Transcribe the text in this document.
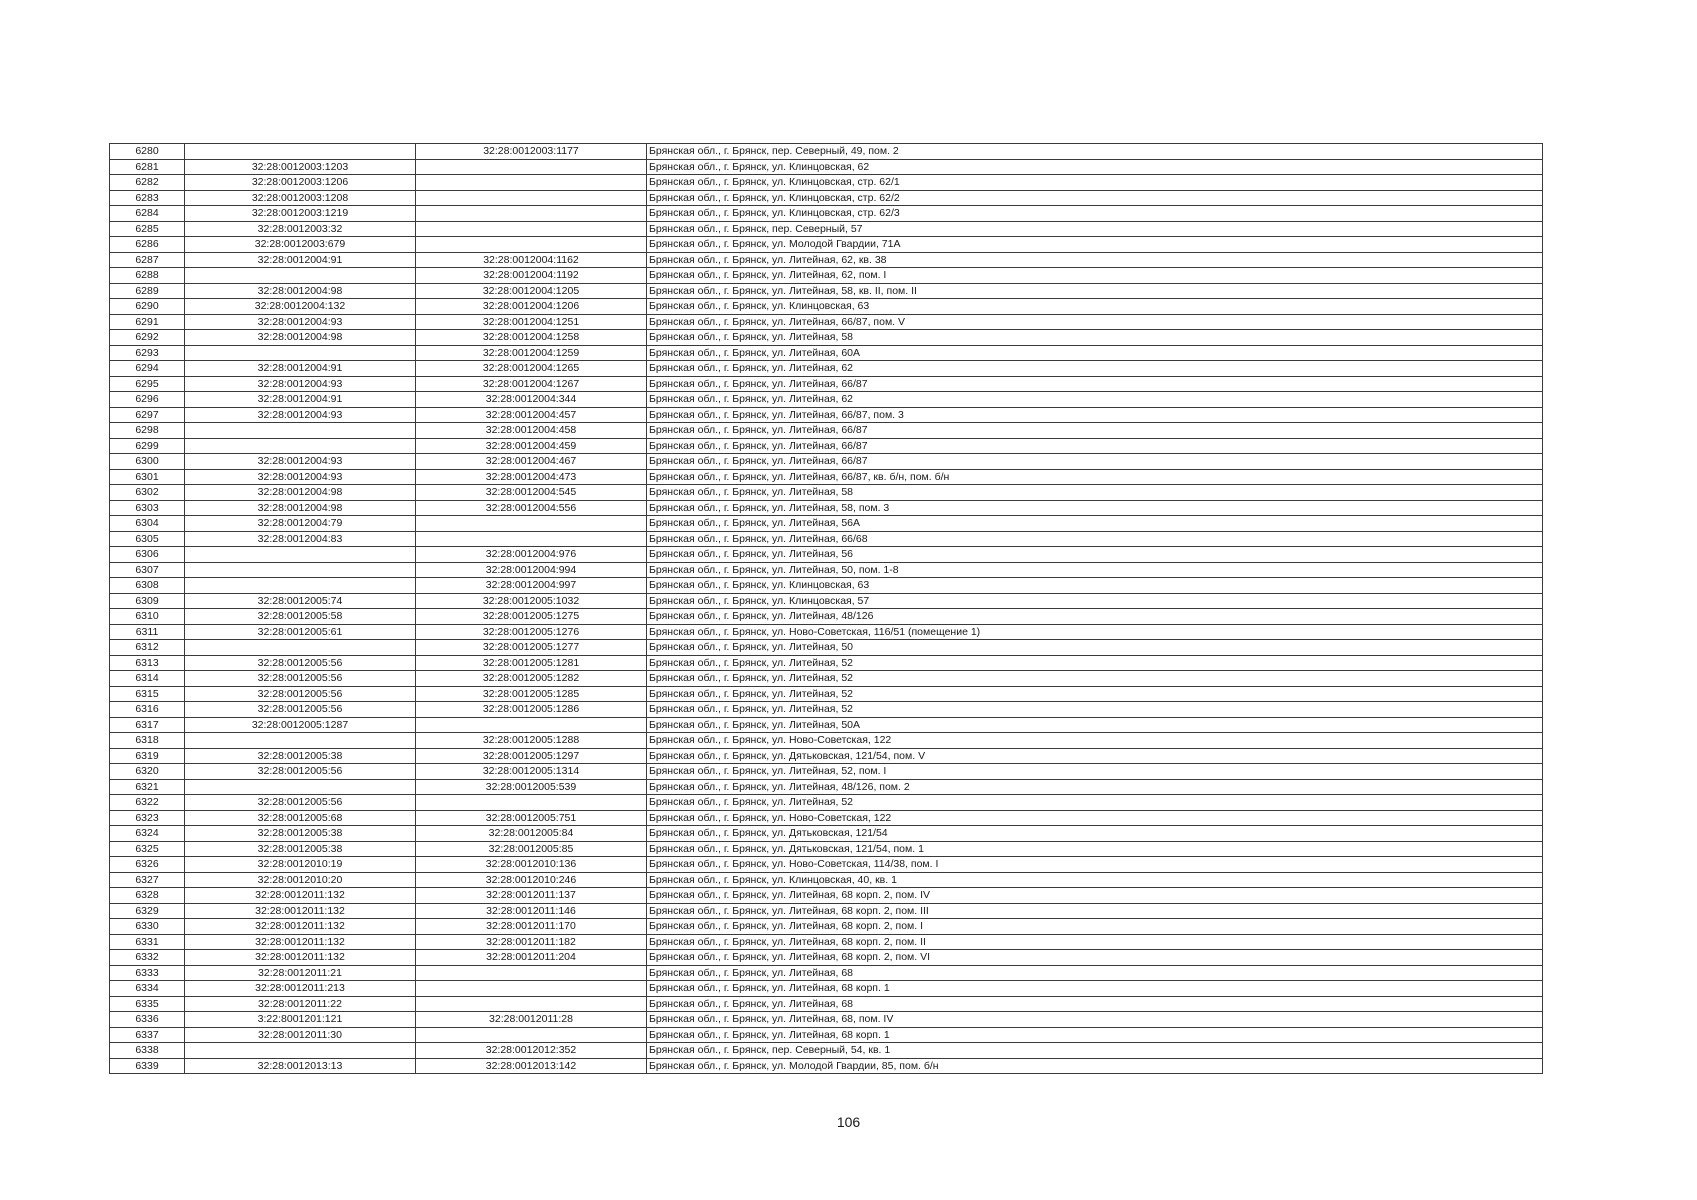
6280		32:28:0012003:1177	Брянская обл., г. Брянск, пер. Северный, 49, пом. 2
6281	32:28:0012003:1203		Брянская обл., г. Брянск, ул. Клинцовская, 62
6282	32:28:0012003:1206		Брянская обл., г. Брянск, ул. Клинцовская, стр. 62/1
6283	32:28:0012003:1208		Брянская обл., г. Брянск, ул. Клинцовская, стр. 62/2
6284	32:28:0012003:1219		Брянская обл., г. Брянск, ул. Клинцовская, стр. 62/3
6285	32:28:0012003:32		Брянская обл., г. Брянск, пер. Северный, 57
6286	32:28:0012003:679		Брянская обл., г. Брянск, ул. Молодой Гвардии, 71А
6287	32:28:0012004:91	32:28:0012004:1162	Брянская обл., г. Брянск, ул. Литейная, 62, кв. 38
6288		32:28:0012004:1192	Брянская обл., г. Брянск, ул. Литейная, 62, пом. I
6289	32:28:0012004:98	32:28:0012004:1205	Брянская обл., г. Брянск, ул. Литейная, 58, кв. II, пом. II
6290	32:28:0012004:132	32:28:0012004:1206	Брянская обл., г. Брянск, ул. Клинцовская, 63
6291	32:28:0012004:93	32:28:0012004:1251	Брянская обл., г. Брянск, ул. Литейная, 66/87, пом. V
6292	32:28:0012004:98	32:28:0012004:1258	Брянская обл., г. Брянск, ул. Литейная, 58
6293		32:28:0012004:1259	Брянская обл., г. Брянск, ул. Литейная, 60А
6294	32:28:0012004:91	32:28:0012004:1265	Брянская обл., г. Брянск, ул. Литейная, 62
6295	32:28:0012004:93	32:28:0012004:1267	Брянская обл., г. Брянск, ул. Литейная, 66/87
6296	32:28:0012004:91	32:28:0012004:344	Брянская обл., г. Брянск, ул. Литейная, 62
6297	32:28:0012004:93	32:28:0012004:457	Брянская обл., г. Брянск, ул. Литейная, 66/87, пом. 3
6298		32:28:0012004:458	Брянская обл., г. Брянск, ул. Литейная, 66/87
6299		32:28:0012004:459	Брянская обл., г. Брянск, ул. Литейная, 66/87
6300	32:28:0012004:93	32:28:0012004:467	Брянская обл., г. Брянск, ул. Литейная, 66/87
6301	32:28:0012004:93	32:28:0012004:473	Брянская обл., г. Брянск, ул. Литейная, 66/87, кв. б/н, пом. б/н
6302	32:28:0012004:98	32:28:0012004:545	Брянская обл., г. Брянск, ул. Литейная, 58
6303	32:28:0012004:98	32:28:0012004:556	Брянская обл., г. Брянск, ул. Литейная, 58, пом. 3
6304	32:28:0012004:79		Брянская обл., г. Брянск, ул. Литейная, 56А
6305	32:28:0012004:83		Брянская обл., г. Брянск, ул. Литейная, 66/68
6306		32:28:0012004:976	Брянская обл., г. Брянск, ул. Литейная, 56
6307		32:28:0012004:994	Брянская обл., г. Брянск, ул. Литейная, 50, пом. 1-8
6308		32:28:0012004:997	Брянская обл., г. Брянск, ул. Клинцовская, 63
6309	32:28:0012005:74	32:28:0012005:1032	Брянская обл., г. Брянск, ул. Клинцовская, 57
6310	32:28:0012005:58	32:28:0012005:1275	Брянская обл., г. Брянск, ул. Литейная, 48/126
6311	32:28:0012005:61	32:28:0012005:1276	Брянская обл., г. Брянск, ул. Ново-Советская, 116/51 (помещение 1)
6312		32:28:0012005:1277	Брянская обл., г. Брянск, ул. Литейная, 50
6313	32:28:0012005:56	32:28:0012005:1281	Брянская обл., г. Брянск, ул. Литейная, 52
6314	32:28:0012005:56	32:28:0012005:1282	Брянская обл., г. Брянск, ул. Литейная, 52
6315	32:28:0012005:56	32:28:0012005:1285	Брянская обл., г. Брянск, ул. Литейная, 52
6316	32:28:0012005:56	32:28:0012005:1286	Брянская обл., г. Брянск, ул. Литейная, 52
6317	32:28:0012005:1287		Брянская обл., г. Брянск, ул. Литейная, 50А
6318		32:28:0012005:1288	Брянская обл., г. Брянск, ул. Ново-Советская, 122
6319	32:28:0012005:38	32:28:0012005:1297	Брянская обл., г. Брянск, ул. Дятьковская, 121/54, пом. V
6320	32:28:0012005:56	32:28:0012005:1314	Брянская обл., г. Брянск, ул. Литейная, 52, пом. I
6321		32:28:0012005:539	Брянская обл., г. Брянск, ул. Литейная, 48/126, пом. 2
6322	32:28:0012005:56		Брянская обл., г. Брянск, ул. Литейная, 52
6323	32:28:0012005:68	32:28:0012005:751	Брянская обл., г. Брянск, ул. Ново-Советская, 122
6324	32:28:0012005:38	32:28:0012005:84	Брянская обл., г. Брянск, ул. Дятьковская, 121/54
6325	32:28:0012005:38	32:28:0012005:85	Брянская обл., г. Брянск, ул. Дятьковская, 121/54, пом. 1
6326	32:28:0012010:19	32:28:0012010:136	Брянская обл., г. Брянск, ул. Ново-Советская, 114/38, пом. I
6327	32:28:0012010:20	32:28:0012010:246	Брянская обл., г. Брянск, ул. Клинцовская, 40, кв. 1
6328	32:28:0012011:132	32:28:0012011:137	Брянская обл., г. Брянск, ул. Литейная, 68 корп. 2, пом. IV
6329	32:28:0012011:132	32:28:0012011:146	Брянская обл., г. Брянск, ул. Литейная, 68 корп. 2, пом. III
6330	32:28:0012011:132	32:28:0012011:170	Брянская обл., г. Брянск, ул. Литейная, 68 корп. 2, пом. I
6331	32:28:0012011:132	32:28:0012011:182	Брянская обл., г. Брянск, ул. Литейная, 68 корп. 2, пом. II
6332	32:28:0012011:132	32:28:0012011:204	Брянская обл., г. Брянск, ул. Литейная, 68 корп. 2, пом. VI
6333	32:28:0012011:21		Брянская обл., г. Брянск, ул. Литейная, 68
6334	32:28:0012011:213		Брянская обл., г. Брянск, ул. Литейная, 68 корп. 1
6335	32:28:0012011:22		Брянская обл., г. Брянск, ул. Литейная, 68
6336	3:22:8001201:121	32:28:0012011:28	Брянская обл., г. Брянск, ул. Литейная, 68, пом. IV
6337	32:28:0012011:30		Брянская обл., г. Брянск, ул. Литейная, 68 корп. 1
6338		32:28:0012012:352	Брянская обл., г. Брянск, пер. Северный, 54, кв. 1
6339	32:28:0012013:13	32:28:0012013:142	Брянская обл., г. Брянск, ул. Молодой Гвардии, 85, пом. б/н
106
